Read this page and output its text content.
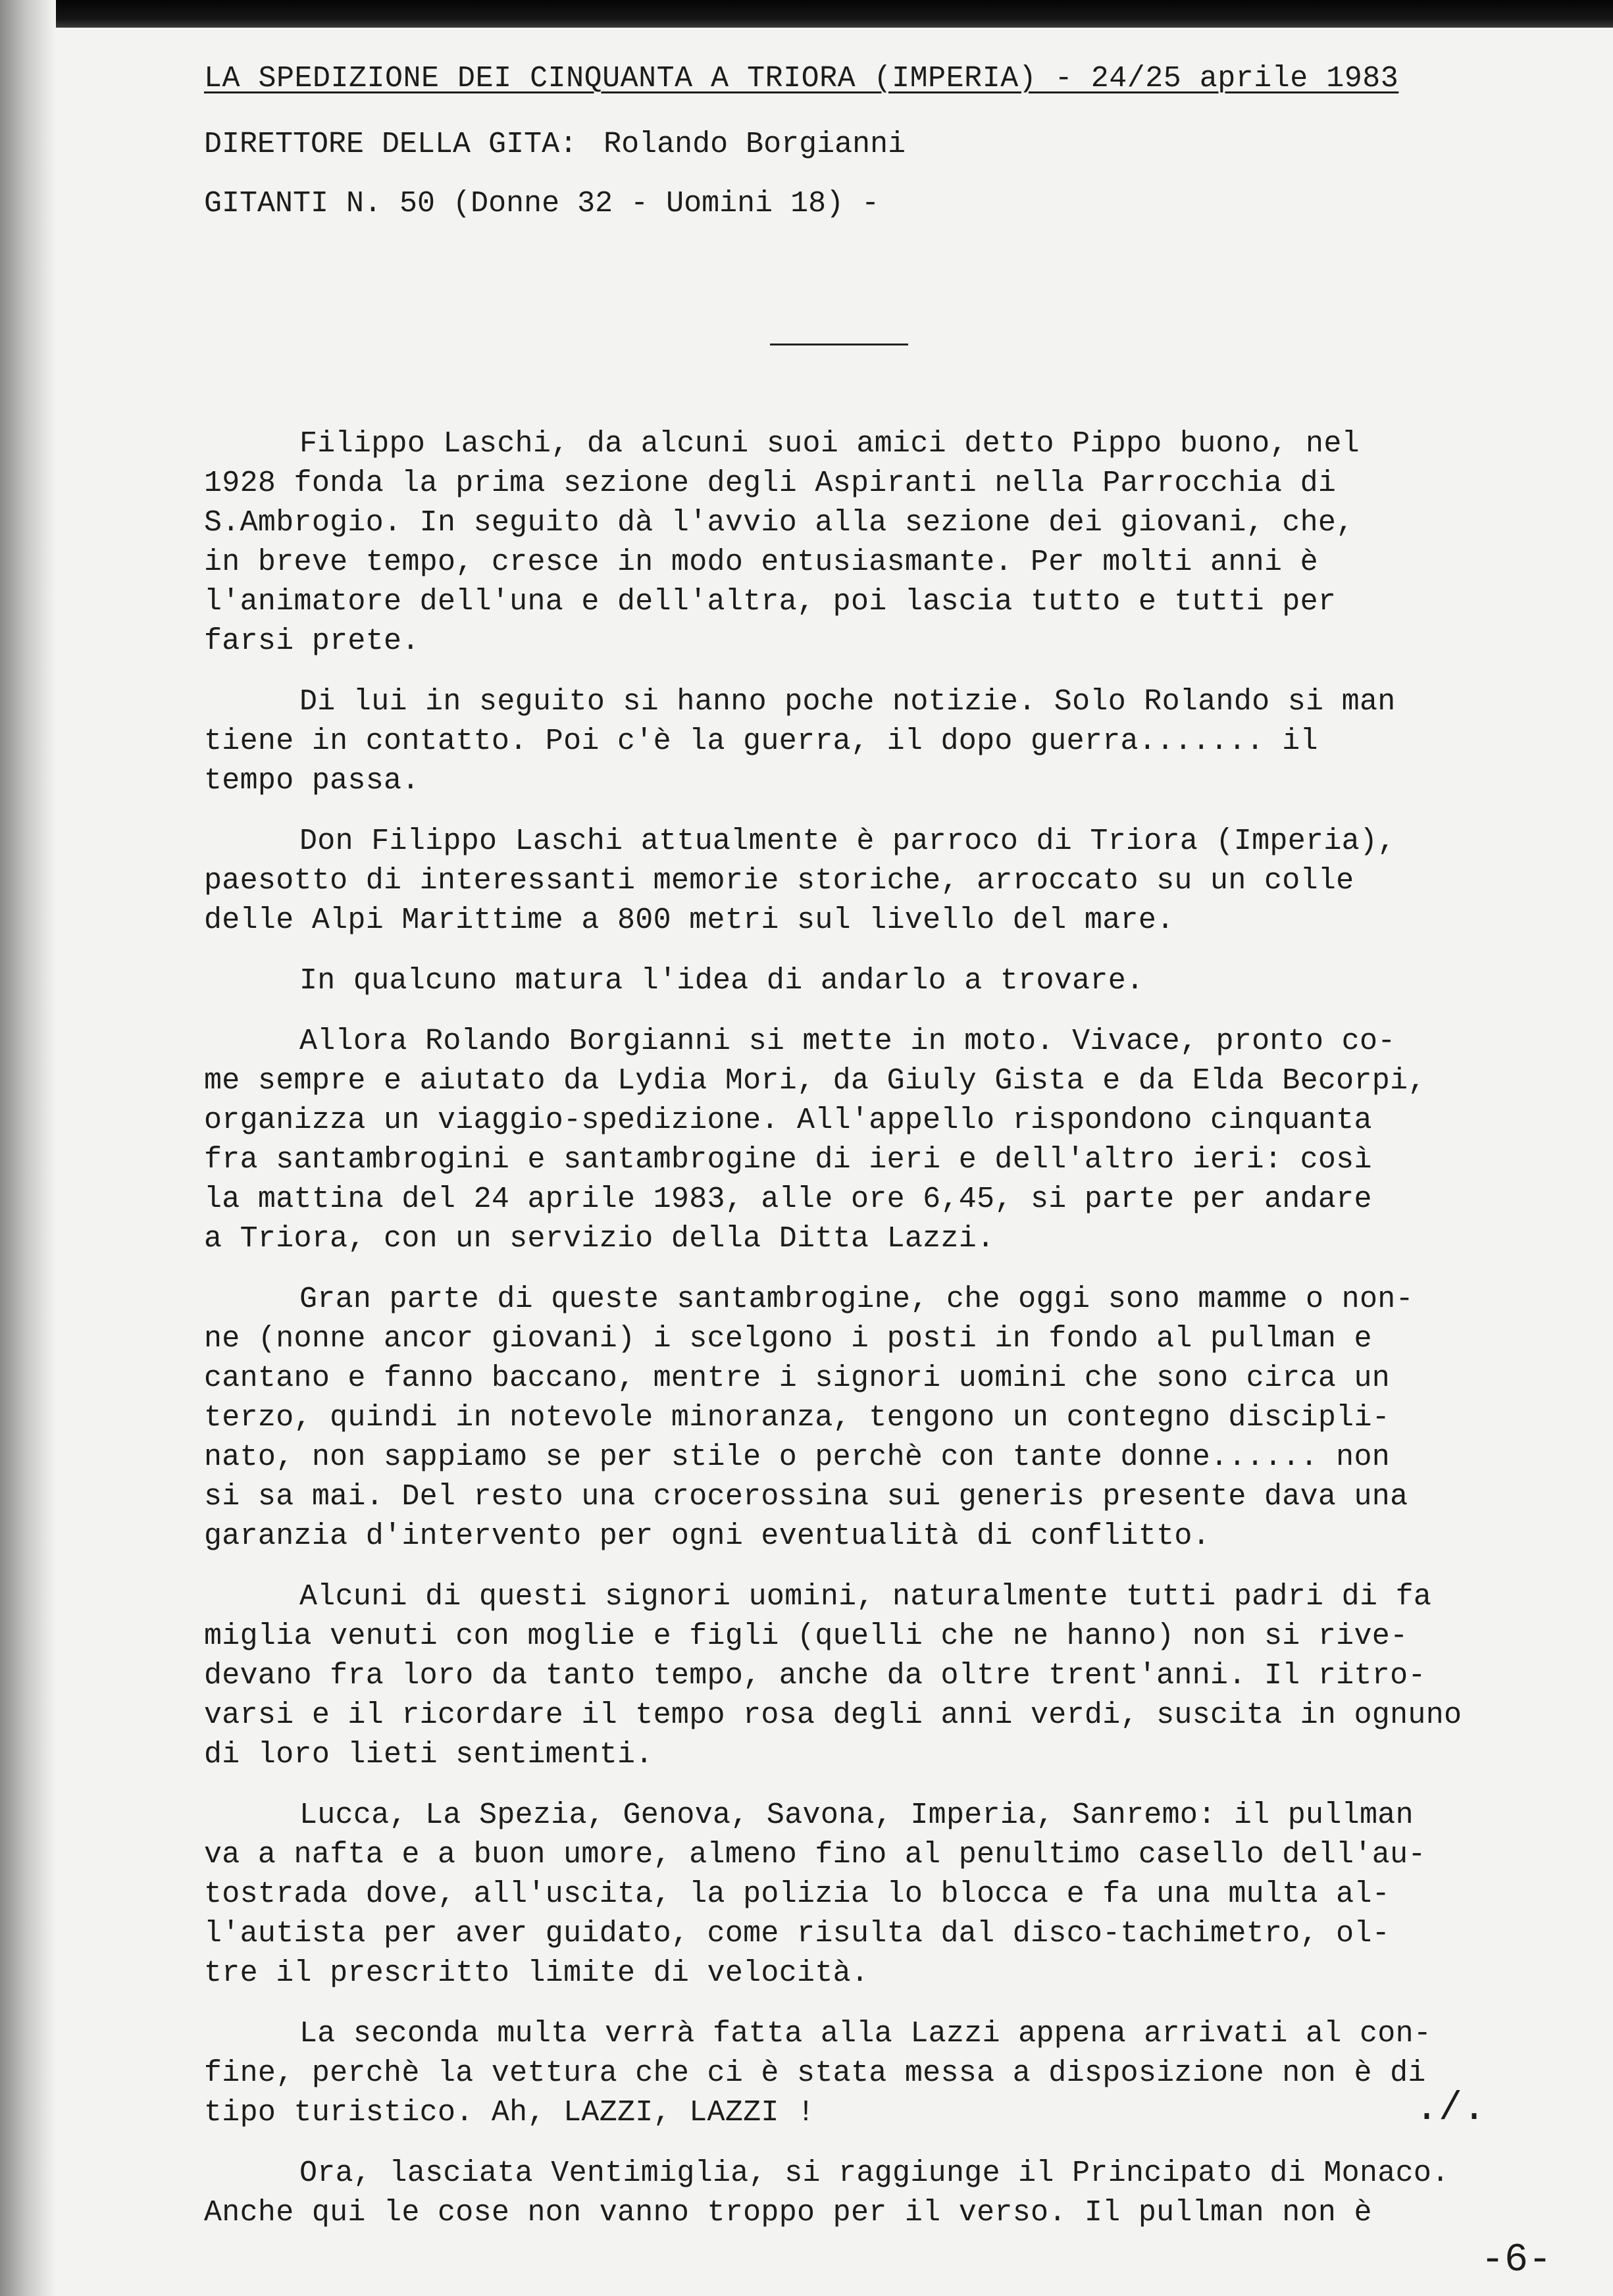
LA SPEDIZIONE DEI CINQUANTA A TRIORA (IMPERIA) - 24/25 aprile 1983
DIRETTORE DELLA GITA: Rolando Borgianni
GITANTI N. 50 (Donne 32 - Uomini 18) -
Filippo Laschi, da alcuni suoi amici detto Pippo buono, nel
1928 fonda la prima sezione degli Aspiranti nella Parrocchia di
S.Ambrogio. In seguito dà l'avvio alla sezione dei giovani, che,
in breve tempo, cresce in modo entusiasmante. Per molti anni è
l'animatore dell'una e dell'altra, poi lascia tutto e tutti per
farsi prete.
Di lui in seguito si hanno poche notizie. Solo Rolando si man
tiene in contatto. Poi c'è la guerra, il dopo guerra....... il
tempo passa.
Don Filippo Laschi attualmente è parroco di Triora (Imperia),
paesotto di interessanti memorie storiche, arroccato su un colle
delle Alpi Marittime a 800 metri sul livello del mare.
In qualcuno matura l'idea di andarlo a trovare.
Allora Rolando Borgianni si mette in moto. Vivace, pronto co-
me sempre e aiutato da Lydia Mori, da Giuly Gista e da Elda Becorpi,
organizza un viaggio-spedizione. All'appello rispondono cinquanta
fra santambrogini e santambrogine di ieri e dell'altro ieri: così
la mattina del 24 aprile 1983, alle ore 6,45, si parte per andare
a Triora, con un servizio della Ditta Lazzi.
Gran parte di queste santambrogine, che oggi sono mamme o non-
ne (nonne ancor giovani) i scelgono i posti in fondo al pullman e
cantano e fanno baccano, mentre i signori uomini che sono circa un
terzo, quindi in notevole minoranza, tengono un contegno discipli-
nato, non sappiamo se per stile o perchè con tante donne...... non
si sa mai. Del resto una crocerossina sui generis presente dava una
garanzia d'intervento per ogni eventualità di conflitto.
Alcuni di questi signori uomini, naturalmente tutti padri di fa
miglia venuti con moglie e figli (quelli che ne hanno) non si rive-
devano fra loro da tanto tempo, anche da oltre trent'anni. Il ritro-
varsi e il ricordare il tempo rosa degli anni verdi, suscita in ognuno
di loro lieti sentimenti.
Lucca, La Spezia, Genova, Savona, Imperia, Sanremo: il pullman
va a nafta e a buon umore, almeno fino al penultimo casello dell'au-
tostrada dove, all'uscita, la polizia lo blocca e fa una multa al-
l'autista per aver guidato, come risulta dal disco-tachimetro, ol-
tre il prescritto limite di velocità.
La seconda multa verrà fatta alla Lazzi appena arrivati al con-
fine, perchè la vettura che ci è stata messa a disposizione non è di
tipo turistico. Ah, LAZZI, LAZZI !
Ora, lasciata Ventimiglia, si raggiunge il Principato di Monaco.
Anche qui le cose non vanno troppo per il verso. Il pullman non è
./.
-6-
